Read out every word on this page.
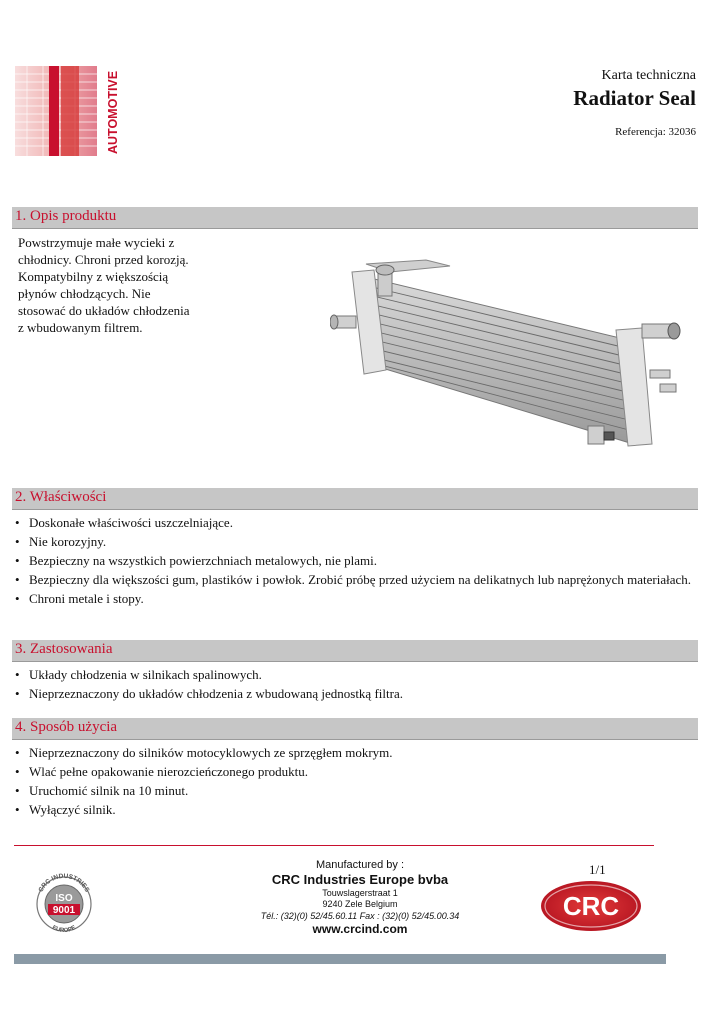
AUTOMOTIVE	Karta techniczna
Radiator Seal
Referencja: 32036
1. Opis produktu
Powstrzymuje małe wycieki z chłodnicy. Chroni przed korozją. Kompatybilny z większością płynów chłodzących. Nie stosować do układów chłodzenia z wbudowanym filtrem.
2. Właściwości
• Doskonałe właściwości uszczelniające.
• Nie korozyjny.
• Bezpieczny na wszystkich powierzchniach metalowych, nie plami.
• Bezpieczny dla większości gum, plastików i powłok. Zrobić próbę przed użyciem na delikatnych lub naprężonych materiałach.
• Chroni metale i stopy.
3. Zastosowania
• Układy chłodzenia w silnikach spalinowych.
• Nieprzeznaczony do układów chłodzenia z wbudowaną jednostką filtra.
4. Sposób użycia
• Nieprzeznaczony do silników motocyklowych ze sprzęgłem mokrym.
• Wlać pełne opakowanie nierozcieńczonego produktu.
• Uruchomić silnik na 10 minut.
• Wyłączyć silnik.
CRC INDUSTRIES
EUROPE
ISO
9001
Manufactured by :
CRC Industries Europe bvba
Touwslagerstraat 1
9240 Zele Belgium
Tél.: (32)(0) 52/45.60.11 Fax : (32)(0) 52/45.00.34
www.crcind.com
1/1
CRC
